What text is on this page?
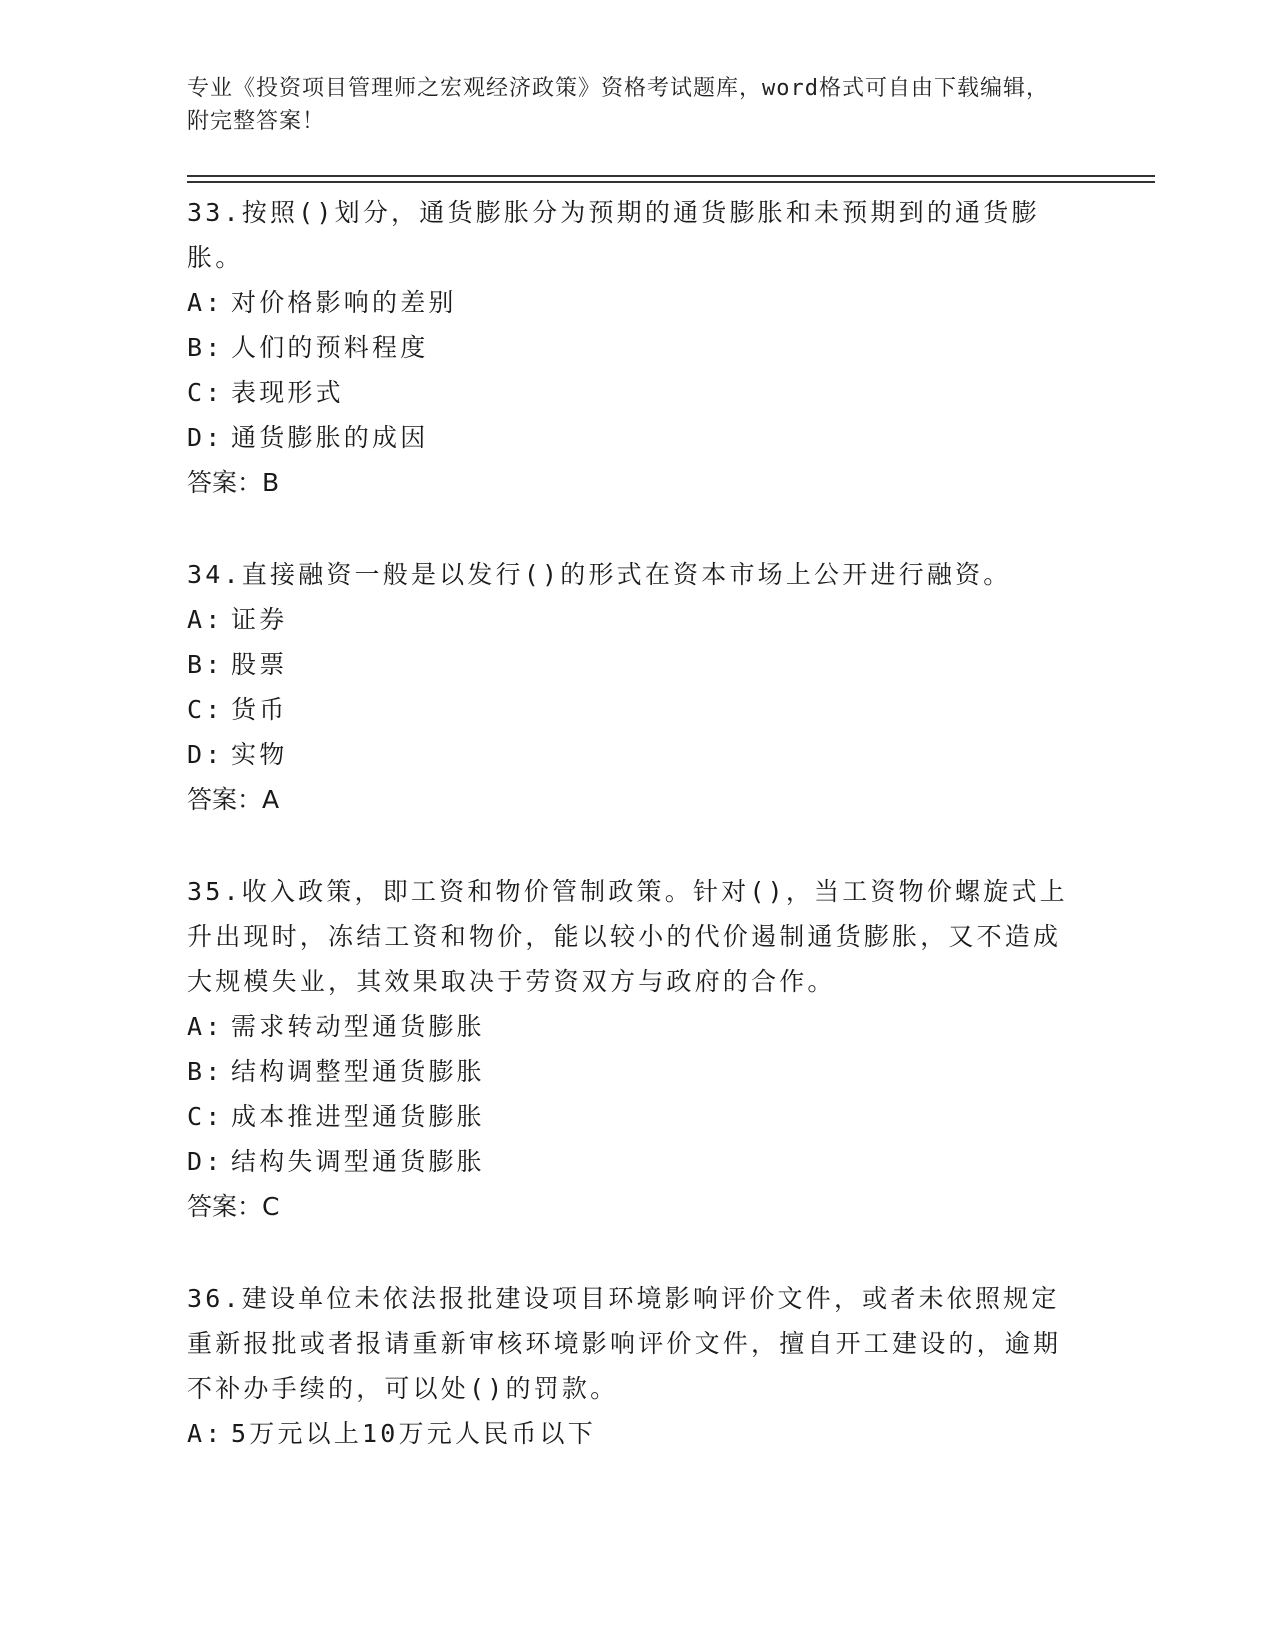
专业《投资项目管理师之宏观经济政策》资格考试题库，word格式可自由下载编辑，附完整答案！

33.按照()划分，通货膨胀分为预期的通货膨胀和未预期到的通货膨胀。

A: 对价格影响的差别

B: 人们的预料程度

C: 表现形式

D: 通货膨胀的成因

答案：B

34.直接融资一般是以发行()的形式在资本市场上公开进行融资。

A: 证券

B: 股票

C: 货币

D: 实物

答案：A

35.收入政策，即工资和物价管制政策。针对()，当工资物价螺旋式上升出现时，冻结工资和物价，能以较小的代价遏制通货膨胀，又不造成大规模失业，其效果取决于劳资双方与政府的合作。

A: 需求转动型通货膨胀

B: 结构调整型通货膨胀

C: 成本推进型通货膨胀

D: 结构失调型通货膨胀

答案：C

36.建设单位未依法报批建设项目环境影响评价文件，或者未依照规定重新报批或者报请重新审核环境影响评价文件，擅自开工建设的，逾期不补办手续的，可以处()的罚款。

A: 5万元以上10万元人民币以下
